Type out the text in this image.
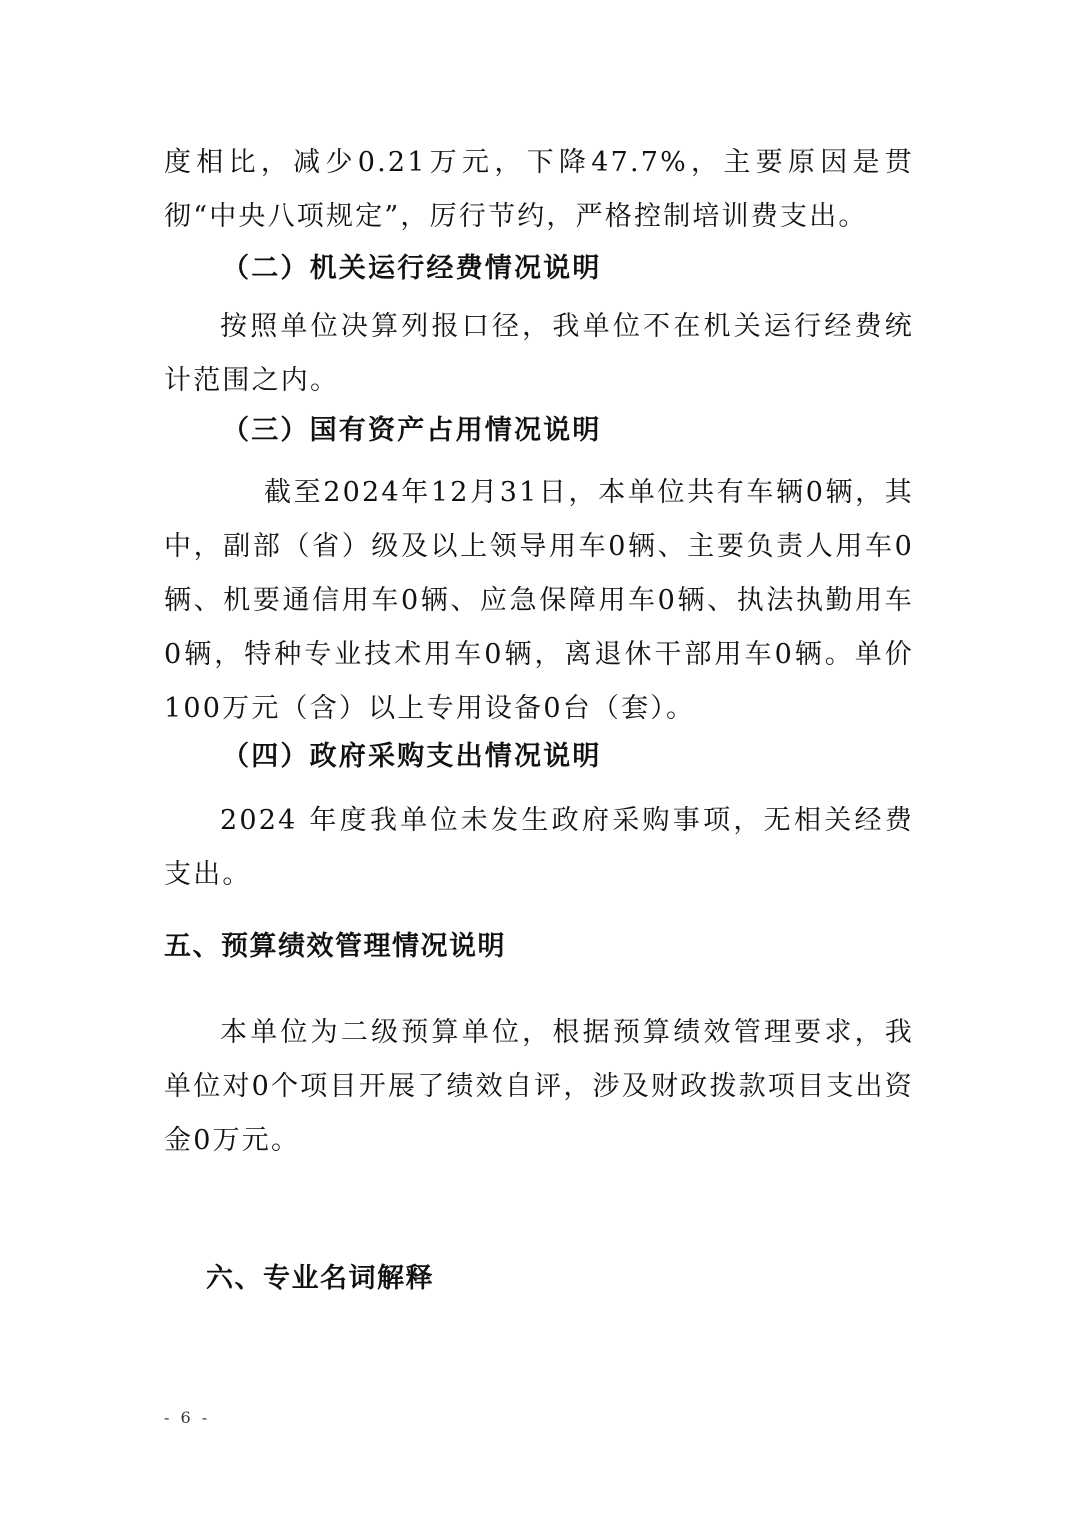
度相比，减少0.21万元，下降47.7%，主要原因是贯彻“中央八项规定”，厉行节约，严格控制培训费支出。

（二）机关运行经费情况说明

按照单位决算列报口径，我单位不在机关运行经费统计范围之内。

（三）国有资产占用情况说明

截至2024年12月31日，本单位共有车辆0辆，其中，副部（省）级及以上领导用车0辆、主要负责人用车0辆、机要通信用车0辆、应急保障用车0辆、执法执勤用车0辆，特种专业技术用车0辆，离退休干部用车0辆。单价100万元（含）以上专用设备0台（套）。

（四）政府采购支出情况说明

2024 年度我单位未发生政府采购事项，无相关经费支出。

五、预算绩效管理情况说明

本单位为二级预算单位，根据预算绩效管理要求，我单位对0个项目开展了绩效自评，涉及财政拨款项目支出资金0万元。

六、专业名词解释

- 6 -
